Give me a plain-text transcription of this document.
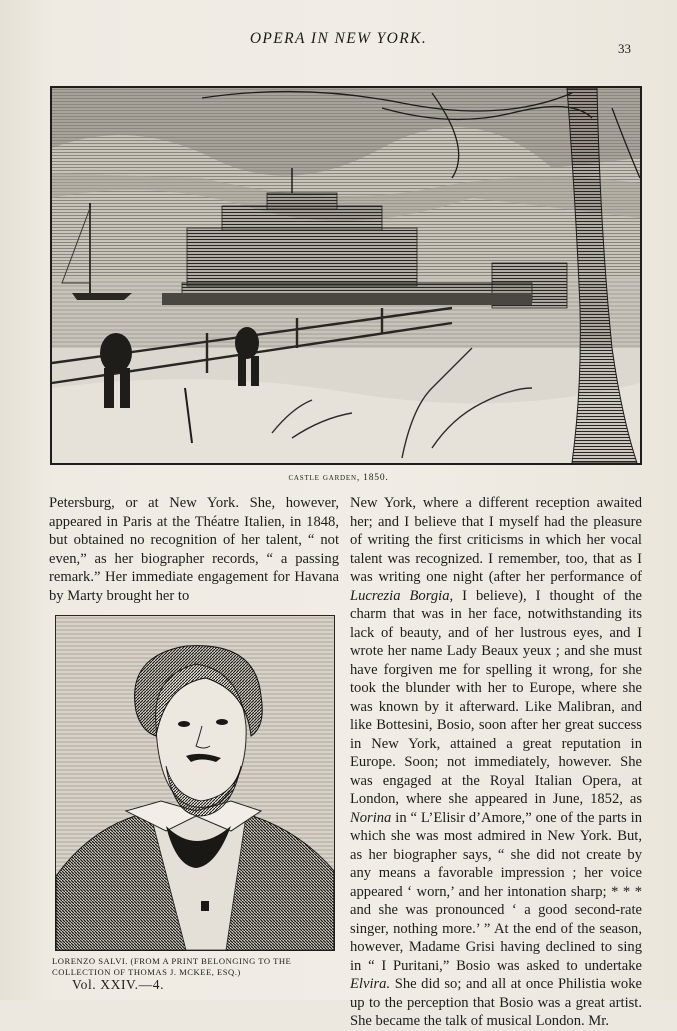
OPERA IN NEW YORK.
33
castle garden, 1850.

Petersburg, or at New York. She, however, appeared in Paris at the Théatre Italien, in 1848, but obtained no recognition of her talent, “ not even,” as her biographer records, “ a passing remark.” Her immediate engagement for Havana by Marty brought her to

LORENZO SALVI. (FROM A PRINT BELONGING TO THE COLLECTION OF THOMAS J. MCKEE, ESQ.)

New York, where a different reception awaited her; and I believe that I myself had the pleasure of writing the first criticisms in which her vocal talent was recognized. I remember, too, that as I was writing one night (after her performance of Lucrezia Borgia, I believe), I thought of the charm that was in her face, notwithstanding its lack of beauty, and of her lustrous eyes, and I wrote her name Lady Beaux yeux ; and she must have forgiven me for spelling it wrong, for she took the blunder with her to Europe, where she was known by it afterward. Like Malibran, and like Bottesini, Bosio, soon after her great success in New York, attained a great reputation in Europe. Soon; not immediately, however. She was engaged at the Royal Italian Opera, at London, where she appeared in June, 1852, as Norina in “ L’Elisir d’Amore,” one of the parts in which she was most admired in New York. But, as her biographer says, “ she did not create by any means a favorable impression ; her voice appeared ‘ worn,’ and her intonation sharp; * * * and she was pronounced ‘ a good second-rate singer, nothing more.’ ” At the end of the season, however, Madame Grisi having declined to sing in “ I Puritani,” Bosio was asked to undertake Elvira. She did so; and all at once Philistia woke up to the perception that Bosio was a great artist. She became the talk of musical London. Mr.

Vol. XXIV.—4.
